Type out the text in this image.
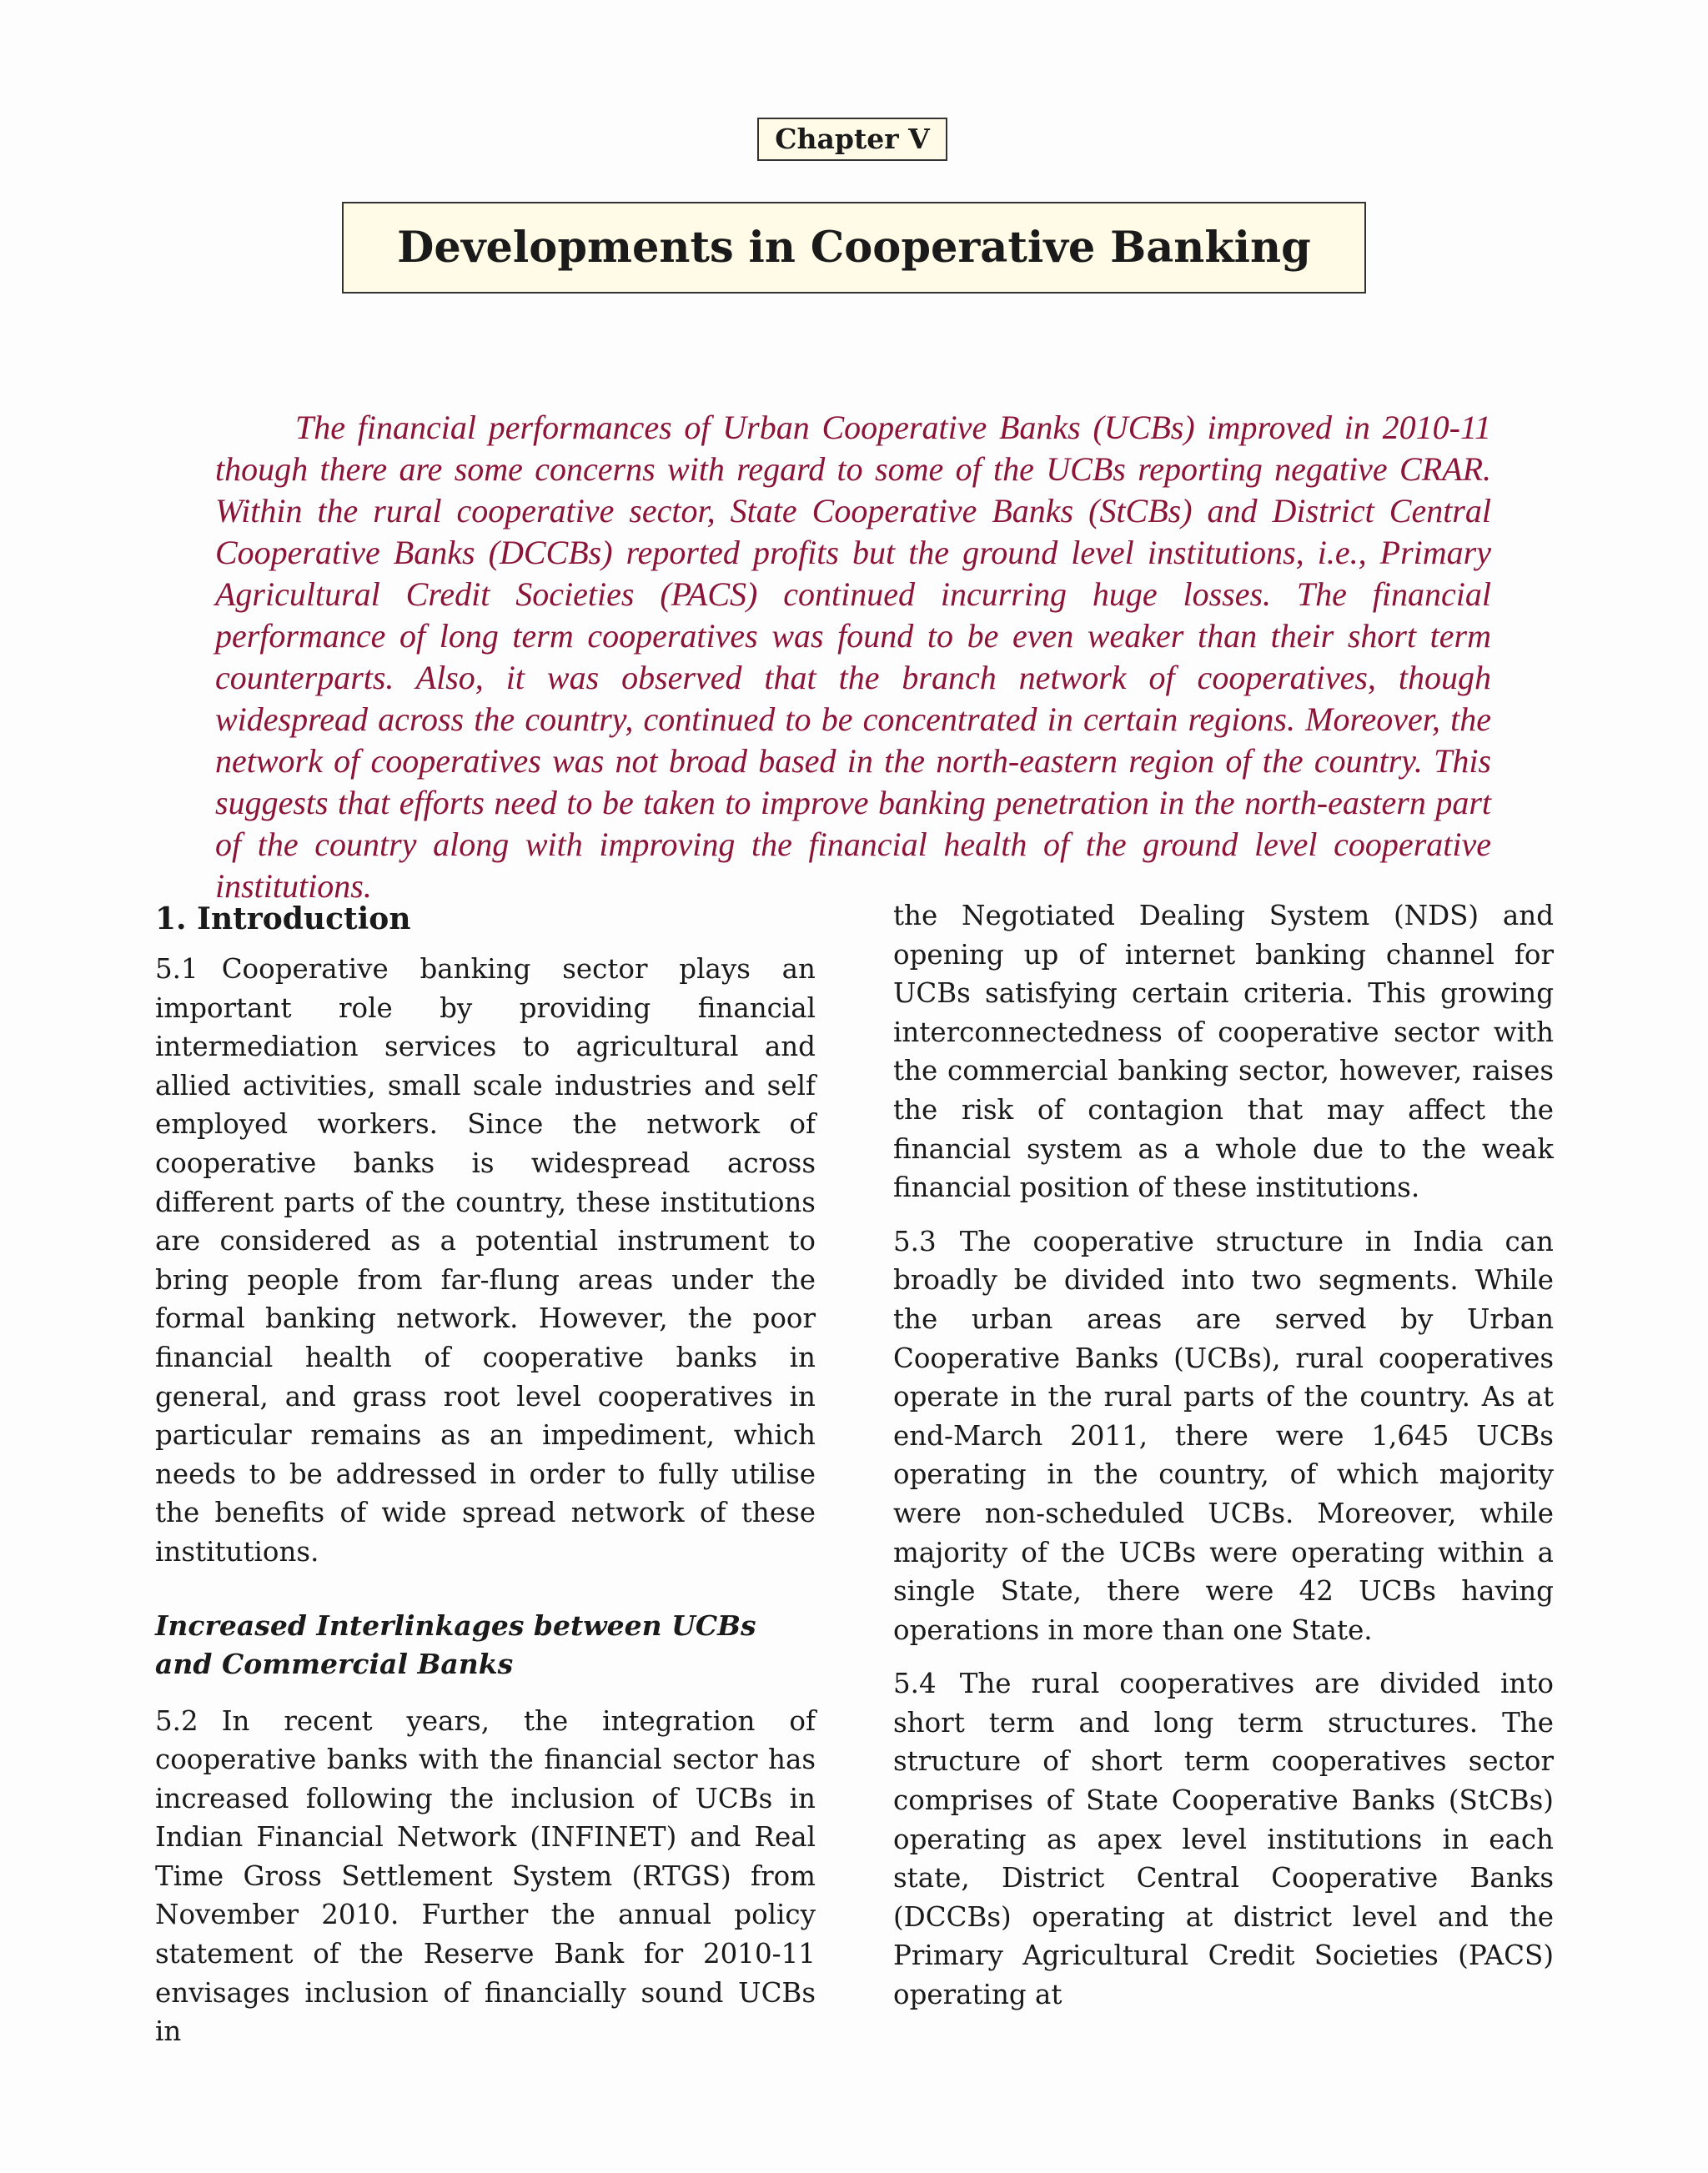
Chapter V
Developments in Cooperative Banking

The financial performances of Urban Cooperative Banks (UCBs) improved in 2010-11 though there are some concerns with regard to some of the UCBs reporting negative CRAR. Within the rural cooperative sector, State Cooperative Banks (StCBs) and District Central Cooperative Banks (DCCBs) reported profits but the ground level institutions, i.e., Primary Agricultural Credit Societies (PACS) continued incurring huge losses. The financial performance of long term cooperatives was found to be even weaker than their short term counterparts. Also, it was observed that the branch network of cooperatives, though widespread across the country, continued to be concentrated in certain regions. Moreover, the network of cooperatives was not broad based in the north-eastern region of the country. This suggests that efforts need to be taken to improve banking penetration in the north-eastern part of the country along with improving the financial health of the ground level cooperative institutions.

1. Introduction

5.1 Cooperative banking sector plays an important role by providing financial intermediation services to agricultural and allied activities, small scale industries and self employed workers. Since the network of cooperative banks is widespread across different parts of the country, these institutions are considered as a potential instrument to bring people from far-flung areas under the formal banking network. However, the poor financial health of cooperative banks in general, and grass root level cooperatives in particular remains as an impediment, which needs to be addressed in order to fully utilise the benefits of wide spread network of these institutions.

Increased Interlinkages between UCBs and Commercial Banks

5.2 In recent years, the integration of cooperative banks with the financial sector has increased following the inclusion of UCBs in Indian Financial Network (INFINET) and Real Time Gross Settlement System (RTGS) from November 2010. Further the annual policy statement of the Reserve Bank for 2010-11 envisages inclusion of financially sound UCBs in

the Negotiated Dealing System (NDS) and opening up of internet banking channel for UCBs satisfying certain criteria. This growing interconnectedness of cooperative sector with the commercial banking sector, however, raises the risk of contagion that may affect the financial system as a whole due to the weak financial position of these institutions.

5.3 The cooperative structure in India can broadly be divided into two segments. While the urban areas are served by Urban Cooperative Banks (UCBs), rural cooperatives operate in the rural parts of the country. As at end-March 2011, there were 1,645 UCBs operating in the country, of which majority were non-scheduled UCBs. Moreover, while majority of the UCBs were operating within a single State, there were 42 UCBs having operations in more than one State.

5.4 The rural cooperatives are divided into short term and long term structures. The structure of short term cooperatives sector comprises of State Cooperative Banks (StCBs) operating as apex level institutions in each state, District Central Cooperative Banks (DCCBs) operating at district level and the Primary Agricultural Credit Societies (PACS) operating at
